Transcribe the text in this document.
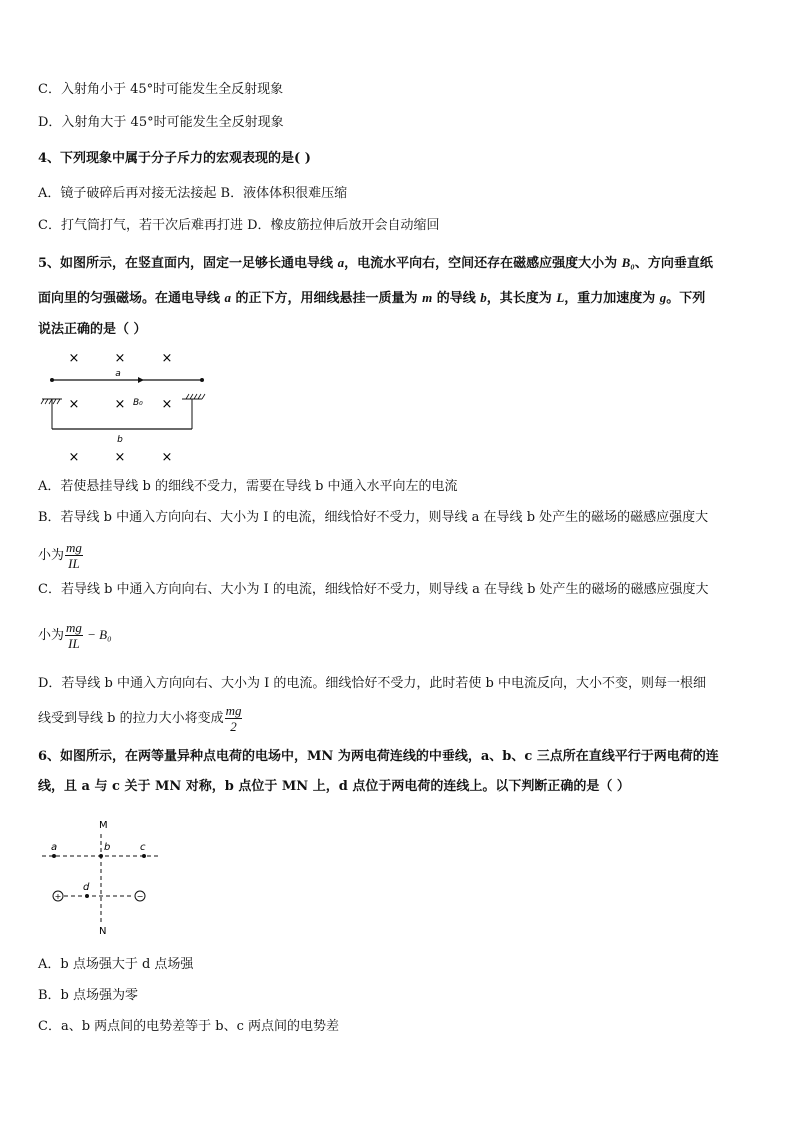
C．入射角小于 45°时可能发生全反射现象
D．入射角大于 45°时可能发生全反射现象
4、下列现象中属于分子斥力的宏观表现的是( )
A．镜子破碎后再对接无法接起 B．液体体积很难压缩
C．打气筒打气，若干次后难再打进 D．橡皮筋拉伸后放开会自动缩回
5、如图所示，在竖直面内，固定一足够长通电导线 a，电流水平向右，空间还存在磁感应强度大小为 B₀、方向垂直纸
面向里的匀强磁场。在通电导线 a 的正下方，用细线悬挂一质量为 m 的导线 b，其长度为 L，重力加速度为 g。下列
说法正确的是（ ）
×	×	×
a
×	×	×
B₀
b
×	×	×
A．若使悬挂导线 b 的细线不受力，需要在导线 b 中通入水平向左的电流
B．若导线 b 中通入方向向右、大小为 I 的电流，细线恰好不受力，则导线 a 在导线 b 处产生的磁场的磁感应强度大
小为 $\frac{mg}{IL}$
C．若导线 b 中通入方向向右、大小为 I 的电流，细线恰好不受力，则导线 a 在导线 b 处产生的磁场的磁感应强度大
小为 $\frac{mg}{IL} - B_0$
D．若导线 b 中通入方向向右、大小为 I 的电流。细线恰好不受力，此时若使 b 中电流反向，大小不变，则每一根细
线受到导线 b 的拉力大小将变成 $\frac{mg}{2}$
6、如图所示，在两等量异种点电荷的电场中，MN 为两电荷连线的中垂线，a、b、c 三点所在直线平行于两电荷的连
线，且 a 与 c 关于 MN 对称，b 点位于 MN 上，d 点位于两电荷的连线上。以下判断正确的是（ ）
M
N
a	b	c
+	−
d
A．b 点场强大于 d 点场强
B．b 点场强为零
C．a、b 两点间的电势差等于 b、c 两点间的电势差
